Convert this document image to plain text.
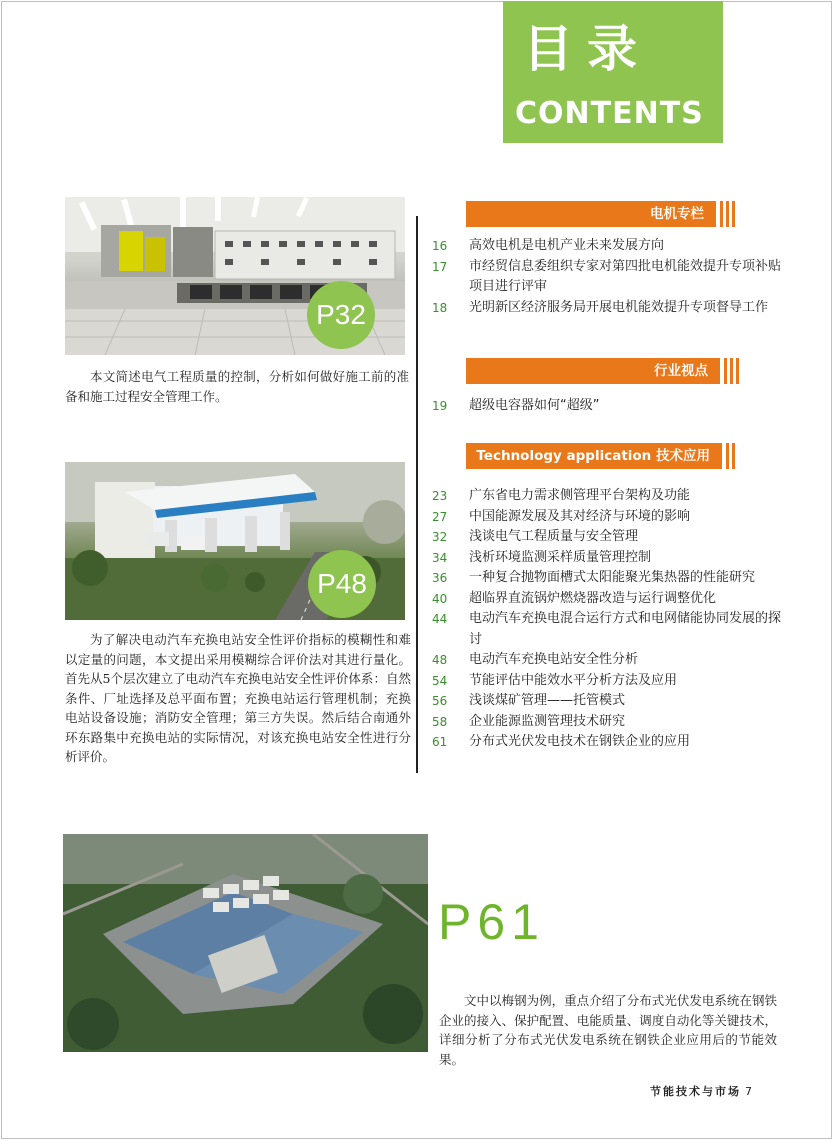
目录
CONTENTS
P32

本文简述电气工程质量的控制，分析如何做好施工前的准备和施工过程安全管理工作。

P48

为了解决电动汽车充换电站安全性评价指标的模糊性和难以定量的问题，本文提出采用模糊综合评价法对其进行量化。首先从5个层次建立了电动汽车充换电站安全性评价体系：自然条件、厂址选择及总平面布置；充换电站运行管理机制；充换电站设备设施；消防安全管理；第三方失误。然后结合南通外环东路集中充换电站的实际情况，对该充换电站安全性进行分析评价。

电机专栏
16	高效电机是电机产业未来发展方向
17	市经贸信息委组织专家对第四批电机能效提升专项补贴项目进行评审
18	光明新区经济服务局开展电机能效提升专项督导工作
行业视点
19	超级电容器如何“超级”
Technology application 技术应用
23	广东省电力需求侧管理平台架构及功能
27	中国能源发展及其对经济与环境的影响
32	浅谈电气工程质量与安全管理
34	浅析环境监测采样质量管理控制
36	一种复合抛物面槽式太阳能聚光集热器的性能研究
40	超临界直流锅炉燃烧器改造与运行调整优化
44	电动汽车充换电混合运行方式和电网储能协同发展的探讨
48	电动汽车充换电站安全性分析
54	节能评估中能效水平分析方法及应用
56	浅谈煤矿管理——托管模式
58	企业能源监测管理技术研究
61	分布式光伏发电技术在钢铁企业的应用
P61

文中以梅钢为例，重点介绍了分布式光伏发电系统在钢铁企业的接入、保护配置、电能质量、调度自动化等关键技术，详细分析了分布式光伏发电系统在钢铁企业应用后的节能效果。

节能技术与市场 7
